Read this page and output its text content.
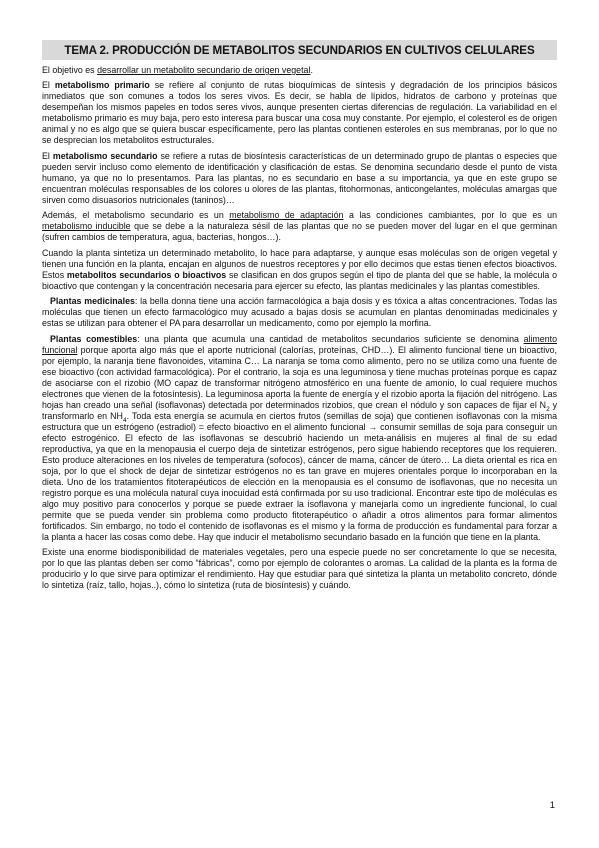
TEMA 2. PRODUCCIÓN DE METABOLITOS SECUNDARIOS EN CULTIVOS CELULARES

El objetivo es desarrollar un metabolito secundario de origen vegetal.

El metabolismo primario se refiere al conjunto de rutas bioquímicas de síntesis y degradación de los principios básicos inmediatos que son comunes a todos los seres vivos. Es decir, se habla de lípidos, hidratos de carbono y proteínas que desempeñan los mismos papeles en todos seres vivos, aunque presenten ciertas diferencias de regulación. La variabilidad en el metabolismo primario es muy baja, pero esto interesa para buscar una cosa muy constante. Por ejemplo, el colesterol es de origen animal y no es algo que se quiera buscar específicamente, pero las plantas contienen esteroles en sus membranas, por lo que no se desprecian los metabolitos estructurales.

El metabolismo secundario se refiere a rutas de biosíntesis características de un determinado grupo de plantas o especies que pueden servir incluso como elemento de identificación y clasificación de estas. Se denomina secundario desde el punto de vista humano, ya que no lo presentamos. Para las plantas, no es secundario en base a su importancia, ya que en este grupo se encuentran moléculas responsables de los colores u olores de las plantas, fitohormonas, anticongelantes, moléculas amargas que sirven como disuasorios nutricionales (taninos)…

Además, el metabolismo secundario es un metabolismo de adaptación a las condiciones cambiantes, por lo que es un metabolismo inducible que se debe a la naturaleza sésil de las plantas que no se pueden mover del lugar en el que germinan (sufren cambios de temperatura, agua, bacterias, hongos…).

Cuando la planta sintetiza un determinado metabolito, lo hace para adaptarse, y aunque esas moléculas son de origen vegetal y tienen una función en la planta, encajan en algunos de nuestros receptores y por ello decimos que estas tienen efectos bioactivos. Estos metabolitos secundarios o bioactivos se clasifican en dos grupos según el tipo de planta del que se hable, la molécula o bioactivo que contengan y la concentración necesaria para ejercer su efecto, las plantas medicinales y las plantas comestibles.

Plantas medicinales: la bella donna tiene una acción farmacológica a baja dosis y es tóxica a altas concentraciones. Todas las moléculas que tienen un efecto farmacológico muy acusado a bajas dosis se acumulan en plantas denominadas medicinales y estas se utilizan para obtener el PA para desarrollar un medicamento, como por ejemplo la morfina.

Plantas comestibles: una planta que acumula una cantidad de metabolitos secundarios suficiente se denomina alimento funcional porque aporta algo más que el aporte nutricional (calorías, proteínas, CHD…). El alimento funcional tiene un bioactivo, por ejemplo, la naranja tiene flavonoides, vitamina C… La naranja se toma como alimento, pero no se utiliza como una fuente de ese bioactivo (con actividad farmacológica). Por el contrario, la soja es una leguminosa y tiene muchas proteínas porque es capaz de asociarse con el rizobio (MO capaz de transformar nitrógeno atmosférico en una fuente de amonio, lo cual requiere muchos electrones que vienen de la fotosíntesis). La leguminosa aporta la fuente de energía y el rizobio aporta la fijación del nitrógeno. Las hojas han creado una señal (isoflavonas) detectada por determinados rizobios, que crean el nódulo y son capaces de fijar el $N_2$ y transformarlo en $NH_4$. Toda esta energía se acumula en ciertos frutos (semillas de soja) que contienen isoflavonas con la misma estructura que un estrógeno (estradiol) = efecto bioactivo en el alimento funcional → consumir semillas de soja para conseguir un efecto estrogénico. El efecto de las isoflavonas se descubrió haciendo un meta-análisis en mujeres al final de su edad reproductiva, ya que en la menopausia el cuerpo deja de sintetizar estrógenos, pero sigue habiendo receptores que los requieren. Esto produce alteraciones en los niveles de temperatura (sofocos), cáncer de mama, cáncer de útero… La dieta oriental es rica en soja, por lo que el shock de dejar de sintetizar estrógenos no es tan grave en mujeres orientales porque lo incorporaban en la dieta. Uno de los tratamientos fitoterapéuticos de elección en la menopausia es el consumo de isoflavonas, que no necesita un registro porque es una molécula natural cuya inocuidad está confirmada por su uso tradicional. Encontrar este tipo de moléculas es algo muy positivo para conocerlos y porque se puede extraer la isoflavona y manejarla como un ingrediente funcional, lo cual permite que se pueda vender sin problema como producto fitoterapéutico o añadir a otros alimentos para formar alimentos fortificados. Sin embargo, no todo el contenido de isoflavonas es el mismo y la forma de producción es fundamental para forzar a la planta a hacer las cosas como debe. Hay que inducir el metabolismo secundario basado en la función que tiene en la planta.

Existe una enorme biodisponibilidad de materiales vegetales, pero una especie puede no ser concretamente lo que se necesita, por lo que las plantas deben ser como “fábricas”, como por ejemplo de colorantes o aromas. La calidad de la planta es la forma de producirlo y lo que sirve para optimizar el rendimiento. Hay que estudiar para qué sintetiza la planta un metabolito concreto, dónde lo sintetiza (raíz, tallo, hojas..), cómo lo sintetiza (ruta de biosíntesis) y cuándo.

1
